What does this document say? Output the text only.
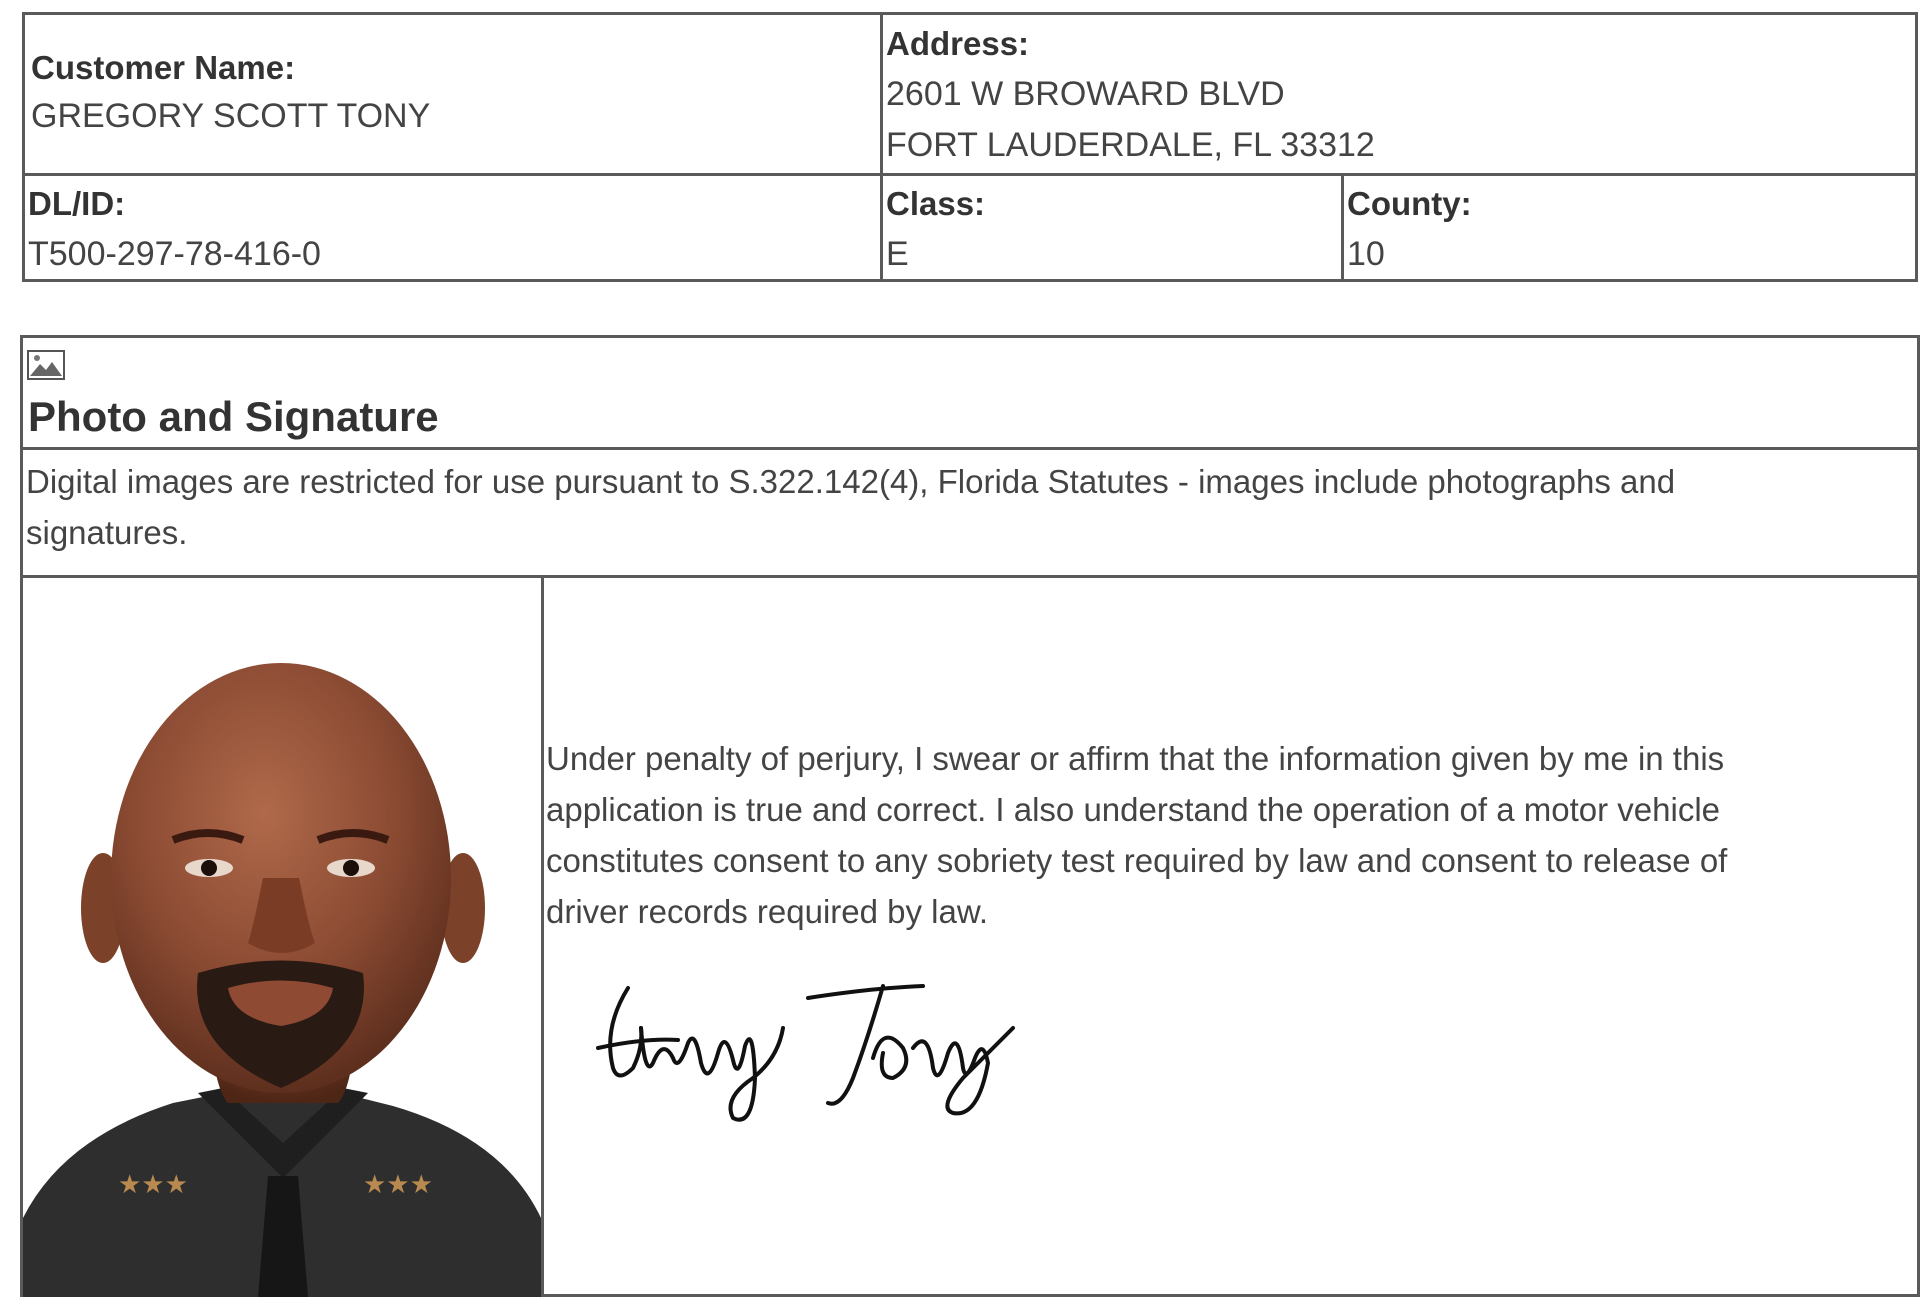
Customer Name:
GREGORY SCOTT TONY
Address:
2601 W BROWARD BLVD
FORT LAUDERDALE, FL 33312
DL/ID:
T500-297-78-416-0
Class:
E
County:
10
Photo and Signature
Digital images are restricted for use pursuant to S.322.142(4), Florida Statutes - images include photographs and
signatures.
★★★	★★★
Under penalty of perjury, I swear or affirm that the information given by me in this
application is true and correct. I also understand the operation of a motor vehicle
constitutes consent to any sobriety test required by law and consent to release of
driver records required by law.
